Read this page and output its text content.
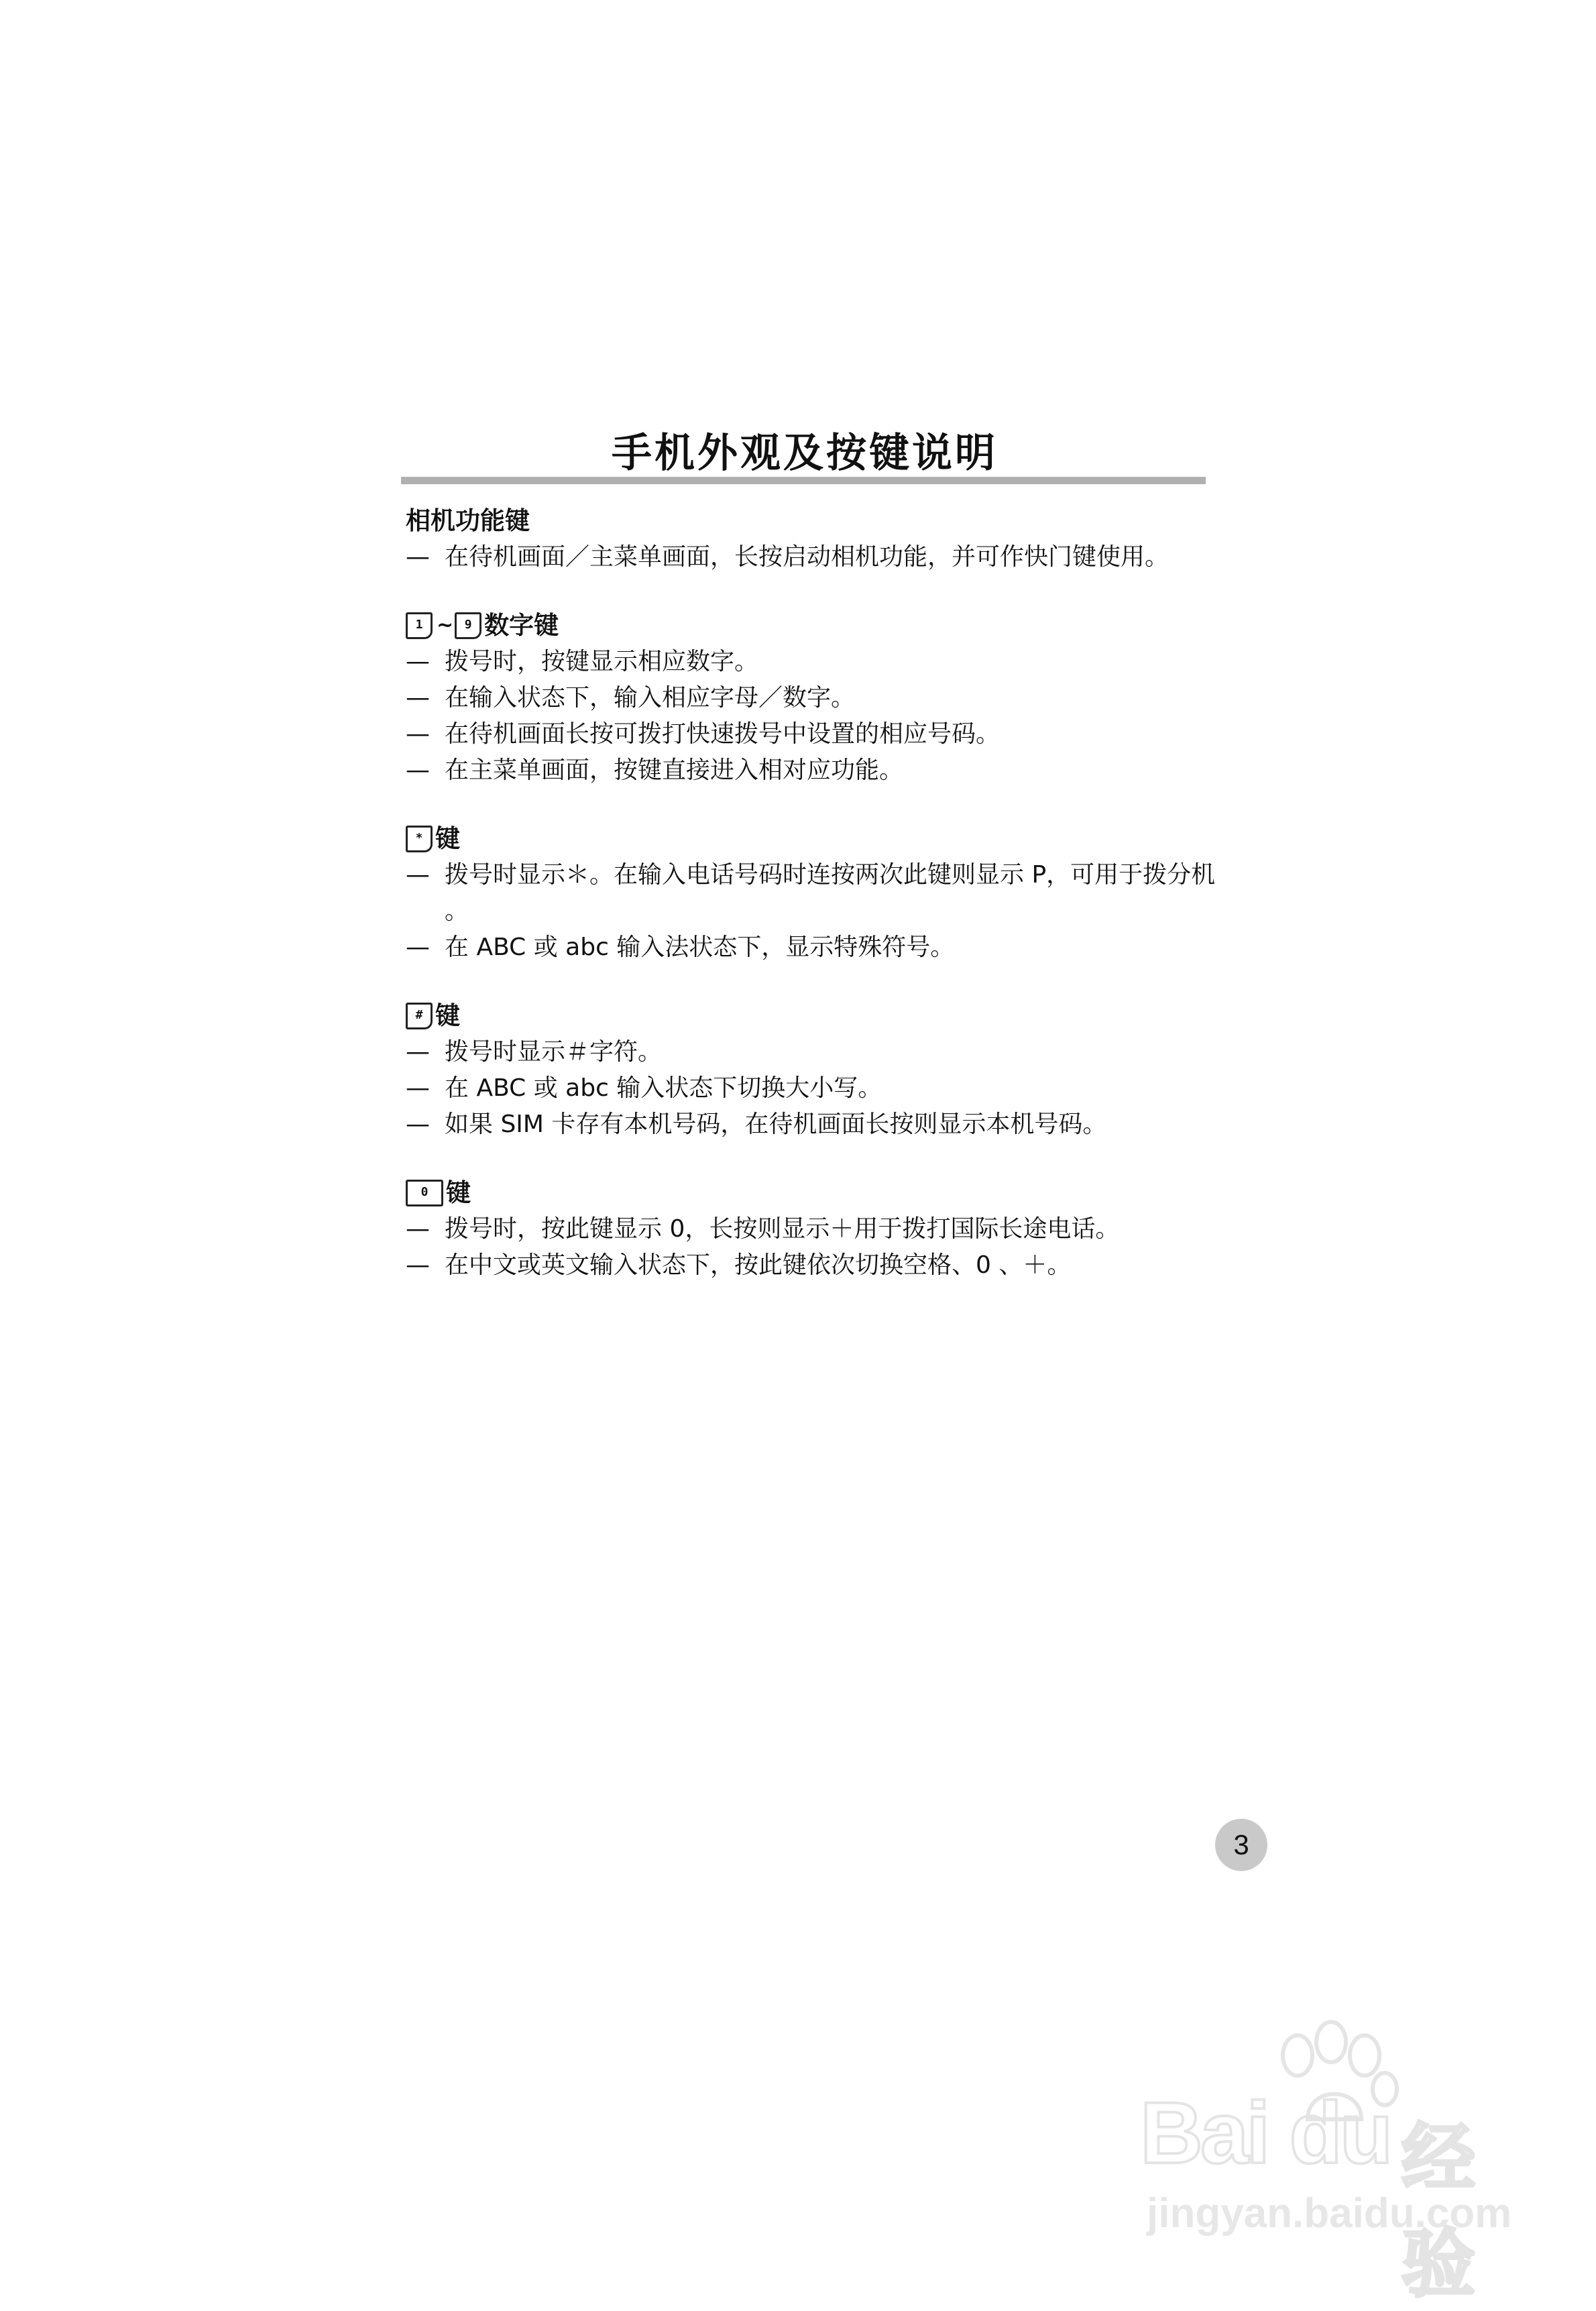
手机外观及按键说明
相机功能键
— 在待机画面／主菜单画面，长按启动相机功能，并可作快门键使用。
1 ~ 9 数字键
— 拨号时，按键显示相应数字。
— 在输入状态下，输入相应字母／数字。
— 在待机画面长按可拨打快速拨号中设置的相应号码。
— 在主菜单画面，按键直接进入相对应功能。
* 键
— 拨号时显示＊。在输入电话号码时连按两次此键则显示 P，可用于拨分机 。
— 在 ABC 或 abc 输入法状态下，显示特殊符号。
# 键
— 拨号时显示＃字符。
— 在 ABC 或 abc 输入状态下切换大小写。
— 如果 SIM 卡存有本机号码，在待机画面长按则显示本机号码。
0 键
— 拨号时，按此键显示 0，长按则显示＋用于拨打国际长途电话。
— 在中文或英文输入状态下，按此键依次切换空格、0 、＋。
3
Bai du 经验
jingyan.baidu.com
